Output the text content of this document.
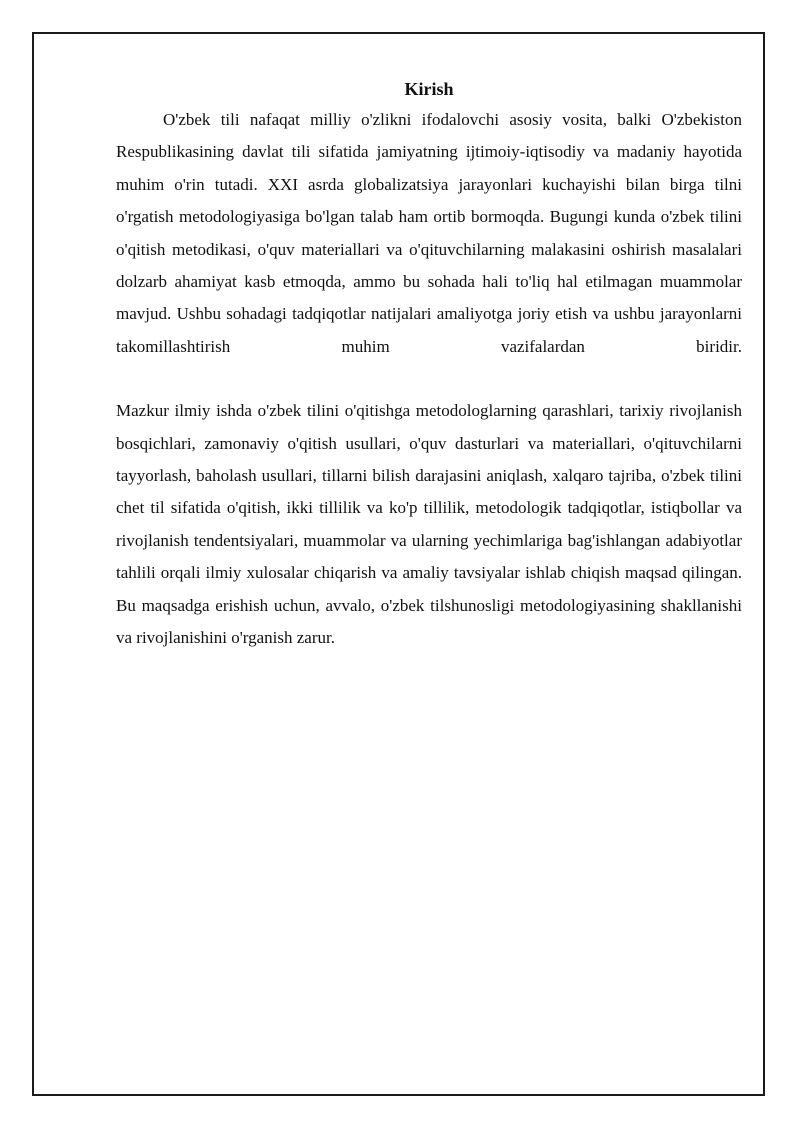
Kirish

O'zbek tili nafaqat milliy o'zlikni ifodalovchi asosiy vosita, balki O'zbekiston Respublikasining davlat tili sifatida jamiyatning ijtimoiy-iqtisodiy va madaniy hayotida muhim o'rin tutadi. XXI asrda globalizatsiya jarayonlari kuchayishi bilan birga tilni o'rgatish metodologiyasiga bo'lgan talab ham ortib bormoqda. Bugungi kunda o'zbek tilini o'qitish metodikasi, o'quv materiallari va o'qituvchilarning malakasini oshirish masalalari dolzarb ahamiyat kasb etmoqda, ammo bu sohada hali to'liq hal etilmagan muammolar mavjud. Ushbu sohadagi tadqiqotlar natijalari amaliyotga joriy etish va ushbu jarayonlarni takomillashtirish muhim vazifalardan biridir.

Mazkur ilmiy ishda o'zbek tilini o'qitishga metodologlarning qarashlari, tarixiy rivojlanish bosqichlari, zamonaviy o'qitish usullari, o'quv dasturlari va materiallari, o'qituvchilarni tayyorlash, baholash usullari, tillarni bilish darajasini aniqlash, xalqaro tajriba, o'zbek tilini chet til sifatida o'qitish, ikki tillilik va ko'p tillilik, metodologik tadqiqotlar, istiqbollar va rivojlanish tendentsiyalari, muammolar va ularning yechimlariga bag'ishlangan adabiyotlar tahlili orqali ilmiy xulosalar chiqarish va amaliy tavsiyalar ishlab chiqish maqsad qilingan. Bu maqsadga erishish uchun, avvalo, o'zbek tilshunosligi metodologiyasining shakllanishi va rivojlanishini o'rganish zarur.
